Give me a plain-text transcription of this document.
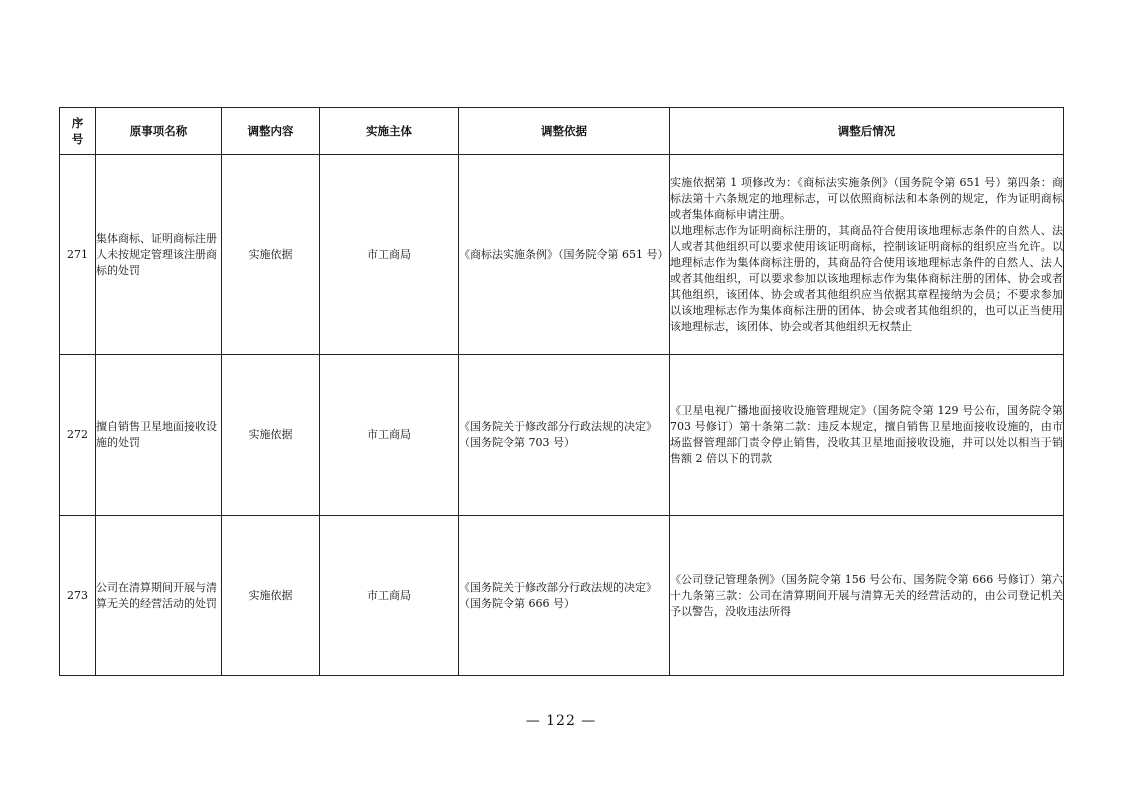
序
号	原事项名称	调整内容	实施主体	调整依据	调整后情况
271	集体商标、证明商标注册人未按规定管理该注册商标的处罚	实施依据	市工商局	《商标法实施条例》（国务院令第 651 号）	实施依据第 1 项修改为：《商标法实施条例》（国务院令第 651 号）第四条：商标法第十六条规定的地理标志，可以依照商标法和本条例的规定，作为证明商标或者集体商标申请注册。
以地理标志作为证明商标注册的，其商品符合使用该地理标志条件的自然人、法人或者其他组织可以要求使用该证明商标，控制该证明商标的组织应当允许。以地理标志作为集体商标注册的，其商品符合使用该地理标志条件的自然人、法人或者其他组织，可以要求参加以该地理标志作为集体商标注册的团体、协会或者其他组织，该团体、协会或者其他组织应当依据其章程接纳为会员；不要求参加以该地理标志作为集体商标注册的团体、协会或者其他组织的，也可以正当使用该地理标志，该团体、协会或者其他组织无权禁止

272	擅自销售卫星地面接收设施的处罚	实施依据	市工商局	《国务院关于修改部分行政法规的决定》（国务院令第 703 号）	《卫星电视广播地面接收设施管理规定》（国务院令第 129 号公布，国务院令第 703 号修订）第十条第二款：违反本规定，擅自销售卫星地面接收设施的，由市场监督管理部门责令停止销售，没收其卫星地面接收设施，并可以处以相当于销售额 2 倍以下的罚款

273	公司在清算期间开展与清算无关的经营活动的处罚	实施依据	市工商局	《国务院关于修改部分行政法规的决定》（国务院令第 666 号）	《公司登记管理条例》（国务院令第 156 号公布、国务院令第 666 号修订）第六十九条第三款：公司在清算期间开展与清算无关的经营活动的，由公司登记机关予以警告，没收违法所得
— 122 —
